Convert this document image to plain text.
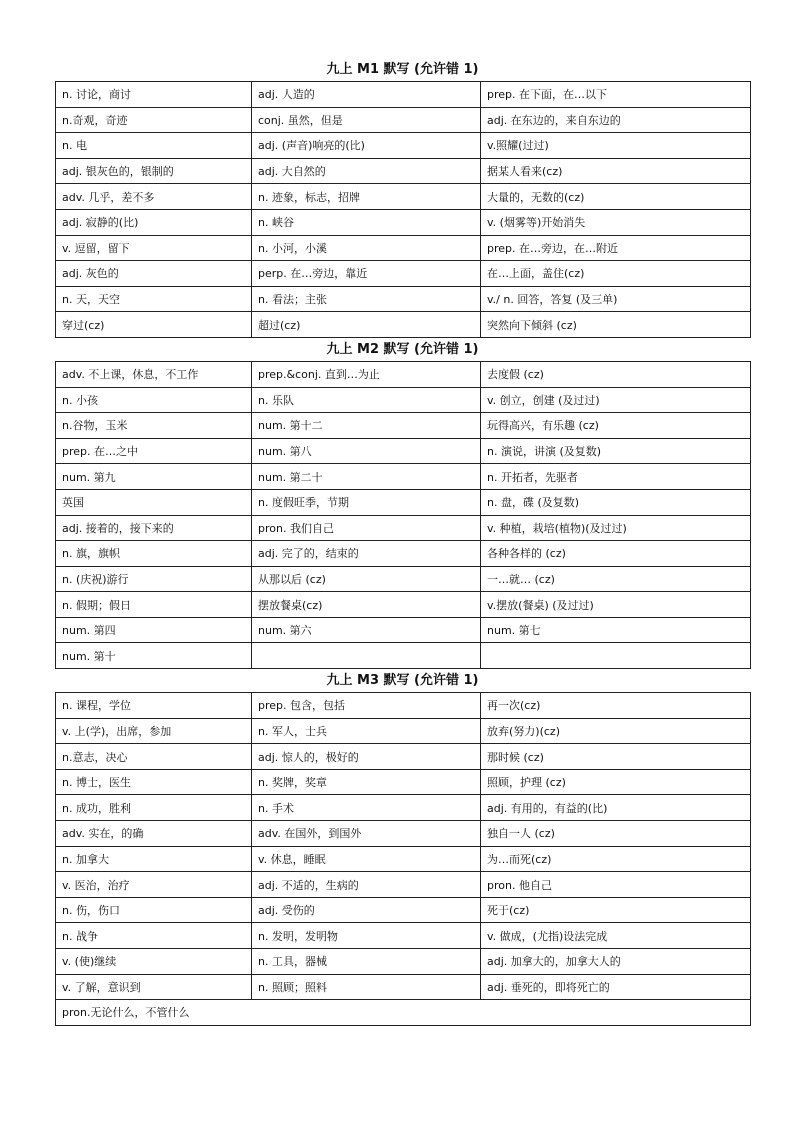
九上 M1 默写 (允许错 1)
n. 讨论，商讨	adj. 人造的	prep. 在下面，在…以下
n.奇观，奇迹	conj. 虽然，但是	adj. 在东边的，来自东边的
n. 电	adj. (声音)响亮的(比)	v.照耀(过过)
adj. 银灰色的，银制的	adj. 大自然的	据某人看来(cz)
adv. 几乎，差不多	n. 迹象，标志，招牌	大量的，无数的(cz)
adj. 寂静的(比)	n. 峡谷	v. (烟雾等)开始消失
v. 逗留，留下	n. 小河，小溪	prep. 在…旁边，在…附近
adj. 灰色的	perp. 在…旁边，靠近	在…上面，盖住(cz)
n. 天，天空	n. 看法；主张	v./ n. 回答，答复 (及三单)
穿过(cz)	超过(cz)	突然向下倾斜 (cz)
九上 M2 默写 (允许错 1)
adv. 不上课，休息，不工作	prep.&conj. 直到…为止	去度假 (cz)
n. 小孩	n. 乐队	v. 创立，创建 (及过过)
n.谷物，玉米	num. 第十二	玩得高兴，有乐趣 (cz)
prep. 在…之中	num. 第八	n. 演说，讲演 (及复数)
num. 第九	num. 第二十	n. 开拓者，先驱者
英国	n. 度假旺季，节期	n. 盘，碟 (及复数)
adj. 接着的，接下来的	pron. 我们自己	v. 种植，栽培(植物)(及过过)
n. 旗，旗帜	adj. 完了的，结束的	各种各样的 (cz)
n. (庆祝)游行	从那以后 (cz)	一…就… (cz)
n. 假期；假日	摆放餐桌(cz)	v.摆放(餐桌) (及过过)
num. 第四	num. 第六	num. 第七
num. 第十		
九上 M3 默写 (允许错 1)
n. 课程，学位	prep. 包含，包括	再一次(cz)
v. 上(学)，出席，参加	n. 军人，士兵	放弃(努力)(cz)
n.意志，决心	adj. 惊人的，极好的	那时候 (cz)
n. 博士，医生	n. 奖牌，奖章	照顾，护理 (cz)
n. 成功，胜利	n. 手术	adj. 有用的，有益的(比)
adv. 实在，的确	adv. 在国外，到国外	独自一人 (cz)
n. 加拿大	v. 休息，睡眠	为…而死(cz)
v. 医治，治疗	adj. 不适的，生病的	pron. 他自己
n. 伤，伤口	adj. 受伤的	死于(cz)
n. 战争	n. 发明，发明物	v. 做成，(尤指)设法完成
v. (使)继续	n. 工具，器械	adj. 加拿大的，加拿大人的
v. 了解，意识到	n. 照顾；照料	adj. 垂死的，即将死亡的
pron.无论什么，不管什么		
